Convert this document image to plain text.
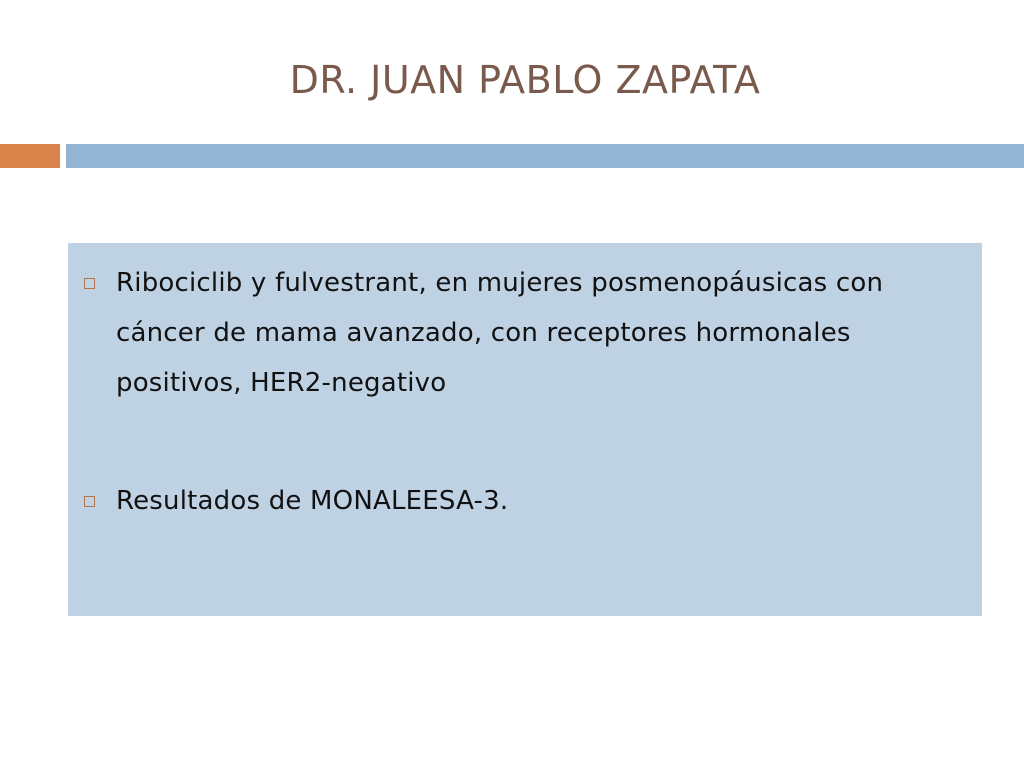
DR. JUAN PABLO ZAPATA
Ribociclib y fulvestrant, en mujeres posmenopáusicas con cáncer de mama avanzado, con receptores hormonales positivos, HER2-negativo
Resultados de MONALEESA-3.
